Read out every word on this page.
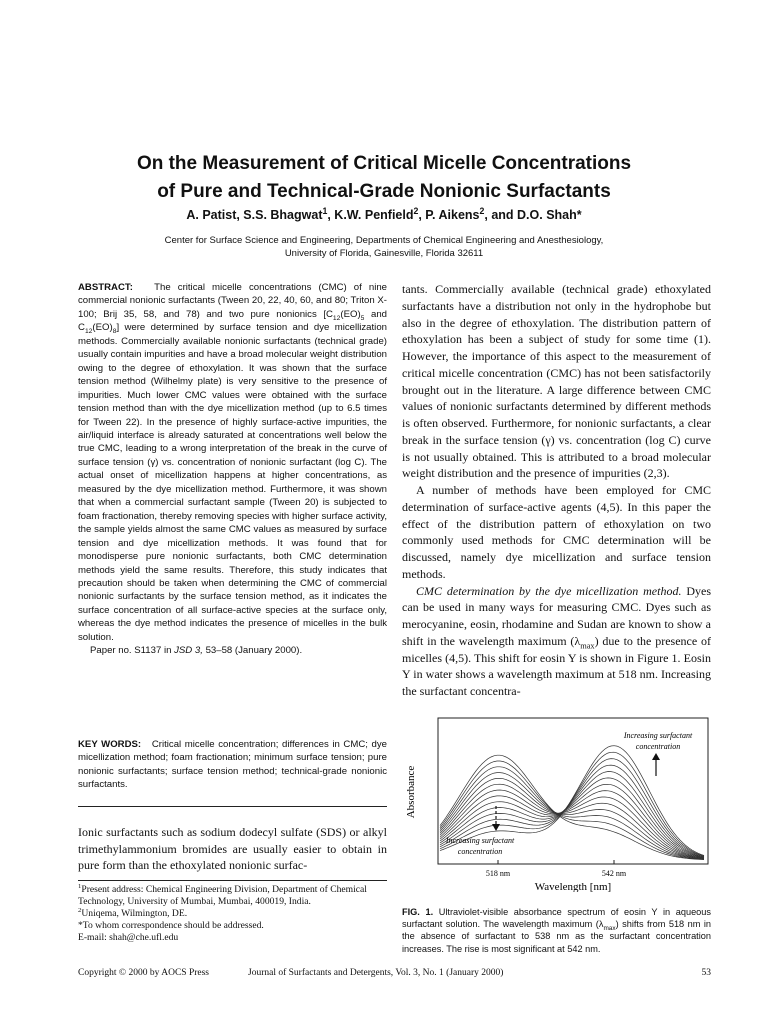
On the Measurement of Critical Micelle Concentrations
of Pure and Technical-Grade Nonionic Surfactants
A. Patist, S.S. Bhagwat$^1$, K.W. Penfield$^2$, P. Aikens$^2$, and D.O. Shah*
Center for Surface Science and Engineering, Departments of Chemical Engineering and Anesthesiology,
University of Florida, Gainesville, Florida 32611

ABSTRACT: The critical micelle concentrations (CMC) of nine commercial nonionic surfactants (Tween 20, 22, 40, 60, and 80; Triton X-100; Brij 35, 58, and 78) and two pure nonionics [$C_{12}(EO)_5$ and $C_{12}(EO)_8$] were determined by surface tension and dye micellization methods. Commercially available nonionic surfactants (technical grade) usually contain impurities and have a broad molecular weight distribution owing to the degree of ethoxylation. It was shown that the surface tension method (Wilhelmy plate) is very sensitive to the presence of impurities. Much lower CMC values were obtained with the surface tension method than with the dye micellization method (up to 6.5 times for Tween 22). In the presence of highly surface-active impurities, the air/liquid interface is already saturated at concentrations well below the true CMC, leading to a wrong interpretation of the break in the curve of surface tension (γ) vs. concentration of nonionic surfactant (log C). The actual onset of micellization happens at higher concentrations, as measured by the dye micellization method. Furthermore, it was shown that when a commercial surfactant sample (Tween 20) is subjected to foam fractionation, thereby removing species with higher surface activity, the sample yields almost the same CMC values as measured by surface tension and dye micellization methods. It was found that for monodisperse pure nonionic surfactants, both CMC determination methods yield the same results. Therefore, this study indicates that precaution should be taken when determining the CMC of commercial nonionic surfactants by the surface tension method, as it indicates the surface concentration of all surface-active species at the surface only, whereas the dye method indicates the presence of micelles in the bulk solution.

Paper no. S1137 in JSD 3, 53–58 (January 2000).

KEY WORDS: Critical micelle concentration; differences in CMC; dye micellization method; foam fractionation; minimum surface tension; pure nonionic surfactants; surface tension method; technical-grade nonionic surfactants.

Ionic surfactants such as sodium dodecyl sulfate (SDS) or alkyl trimethylammonium bromides are usually easier to obtain in pure form than the ethoxylated nonionic surfac-

$^1$Present address: Chemical Engineering Division, Department of Chemical Technology, University of Mumbai, Mumbai, 400019, India.

$^2$Uniqema, Wilmington, DE.

*To whom correspondence should be addressed.

E-mail: shah@che.ufl.edu

tants. Commercially available (technical grade) ethoxylated surfactants have a distribution not only in the hydrophobe but also in the degree of ethoxylation. The distribution pattern of ethoxylation has been a subject of study for some time (1). However, the importance of this aspect to the measurement of critical micelle concentration (CMC) has not been satisfactorily brought out in the literature. A large difference between CMC values of nonionic surfactants determined by different methods is often observed. Furthermore, for nonionic surfactants, a clear break in the surface tension (γ) vs. concentration (log C) curve is not usually obtained. This is attributed to a broad molecular weight distribution and the presence of impurities (2,3).

A number of methods have been employed for CMC determination of surface-active agents (4,5). In this paper the effect of the distribution pattern of ethoxylation on two commonly used methods for CMC determination will be discussed, namely dye micellization and surface tension methods.

CMC determination by the dye micellization method. Dyes can be used in many ways for measuring CMC. Dyes such as merocyanine, eosin, rhodamine and Sudan are known to show a shift in the wavelength maximum $(\lambda_{max})$ due to the presence of micelles (4,5). This shift for eosin Y is shown in Figure 1. Eosin Y in water shows a wavelength maximum at 518 nm. Increasing the surfactant concentra-

Absorbance
Wavelength [nm]
518 nm	542 nm
Increasing surfactant
concentration
Increasing surfactant
concentration

FIG. 1. Ultraviolet-visible absorbance spectrum of eosin Y in aqueous surfactant solution. The wavelength maximum $(\lambda_{max})$ shifts from 518 nm in the absence of surfactant to 538 nm as the surfactant concentration increases. The rise is most significant at 542 nm.

Copyright © 2000 by AOCS Press	Journal of Surfactants and Detergents, Vol. 3, No. 1 (January 2000)	53
